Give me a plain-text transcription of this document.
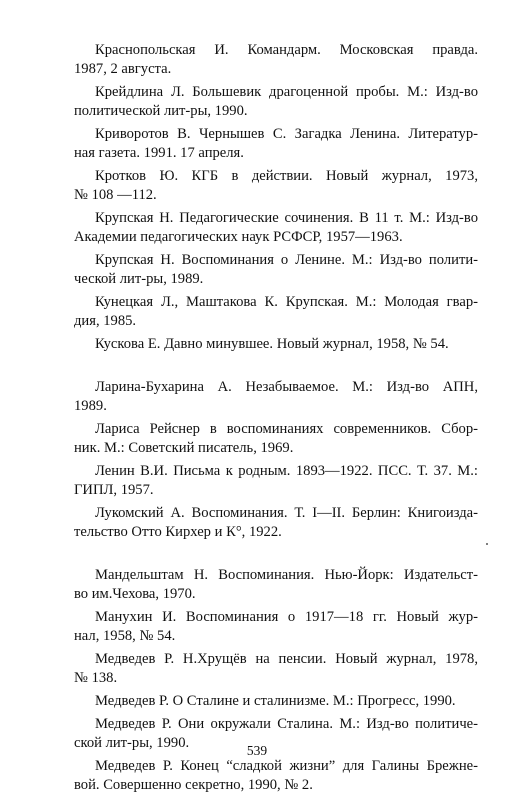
Краснопольская И. Командарм. Московская правда.
1987, 2 августа.

Крейдлина Л. Большевик драгоценной пробы. М.: Изд-во
политической лит-ры, 1990.

Криворотов В. Чернышев С. Загадка Ленина. Литератур-
ная газета. 1991. 17 апреля.

Кротков Ю. КГБ в действии. Новый журнал, 1973,
№ 108 —112.

Крупская Н. Педагогические сочинения. В 11 т. М.: Изд-во
Академии педагогических наук РСФСР, 1957—1963.

Крупская Н. Воспоминания о Ленине. М.: Изд-во полити-
ческой лит-ры, 1989.

Кунецкая Л., Маштакова К. Крупская. М.: Молодая гвар-
дия, 1985.

Кускова Е. Давно минувшее. Новый журнал, 1958, № 54.

Ларина-Бухарина А. Незабываемое. М.: Изд-во АПН,
1989.

Лариса Рейснер в воспоминаниях современников. Сбор-
ник. М.: Советский писатель, 1969.

Ленин В.И. Письма к родным. 1893—1922. ПСС. Т. 37. М.:
ГИПЛ, 1957.

Лукомский А. Воспоминания. Т. I—II. Берлин: Книгоизда-
тельство Отто Кирхер и К°, 1922.

Мандельштам Н. Воспоминания. Нью-Йорк: Издательст-
во им.Чехова, 1970.

Манухин И. Воспоминания о 1917—18 гг. Новый жур-
нал, 1958, № 54.

Медведев Р. Н.Хрущёв на пенсии. Новый журнал, 1978,
№ 138.

Медведев Р. О Сталине и сталинизме. М.: Прогресс, 1990.

Медведев Р. Они окружали Сталина. М.: Изд-во политиче-
ской лит-ры, 1990.

Медведев Р. Конец “сладкой жизни” для Галины Брежне-
вой. Совершенно секретно, 1990, № 2.

539
